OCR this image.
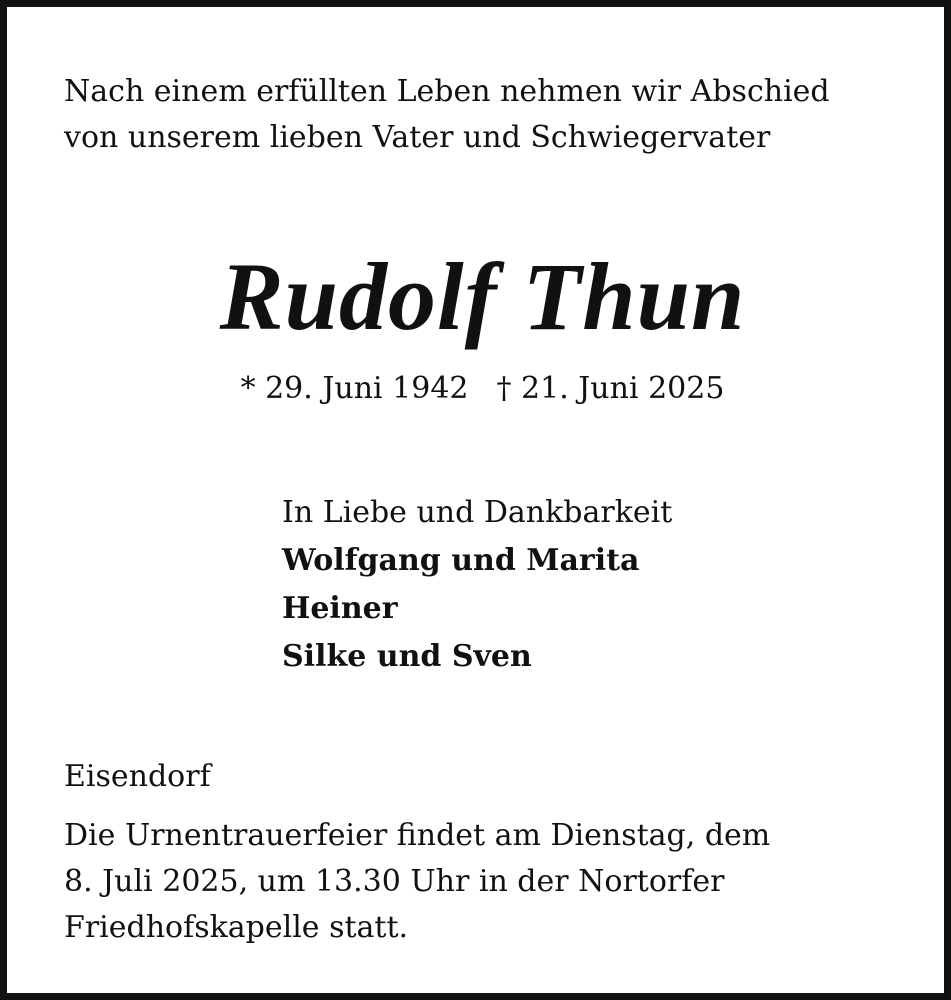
Nach einem erfüllten Leben nehmen wir Abschied
von unserem lieben Vater und Schwiegervater
Rudolf Thun
* 29. Juni 1942 † 21. Juni 2025
In Liebe und Dankbarkeit
Wolfgang und Marita
Heiner
Silke und Sven
Eisendorf
Die Urnentrauerfeier findet am Dienstag, dem
8. Juli 2025, um 13.30 Uhr in der Nortorfer
Friedhofskapelle statt.
